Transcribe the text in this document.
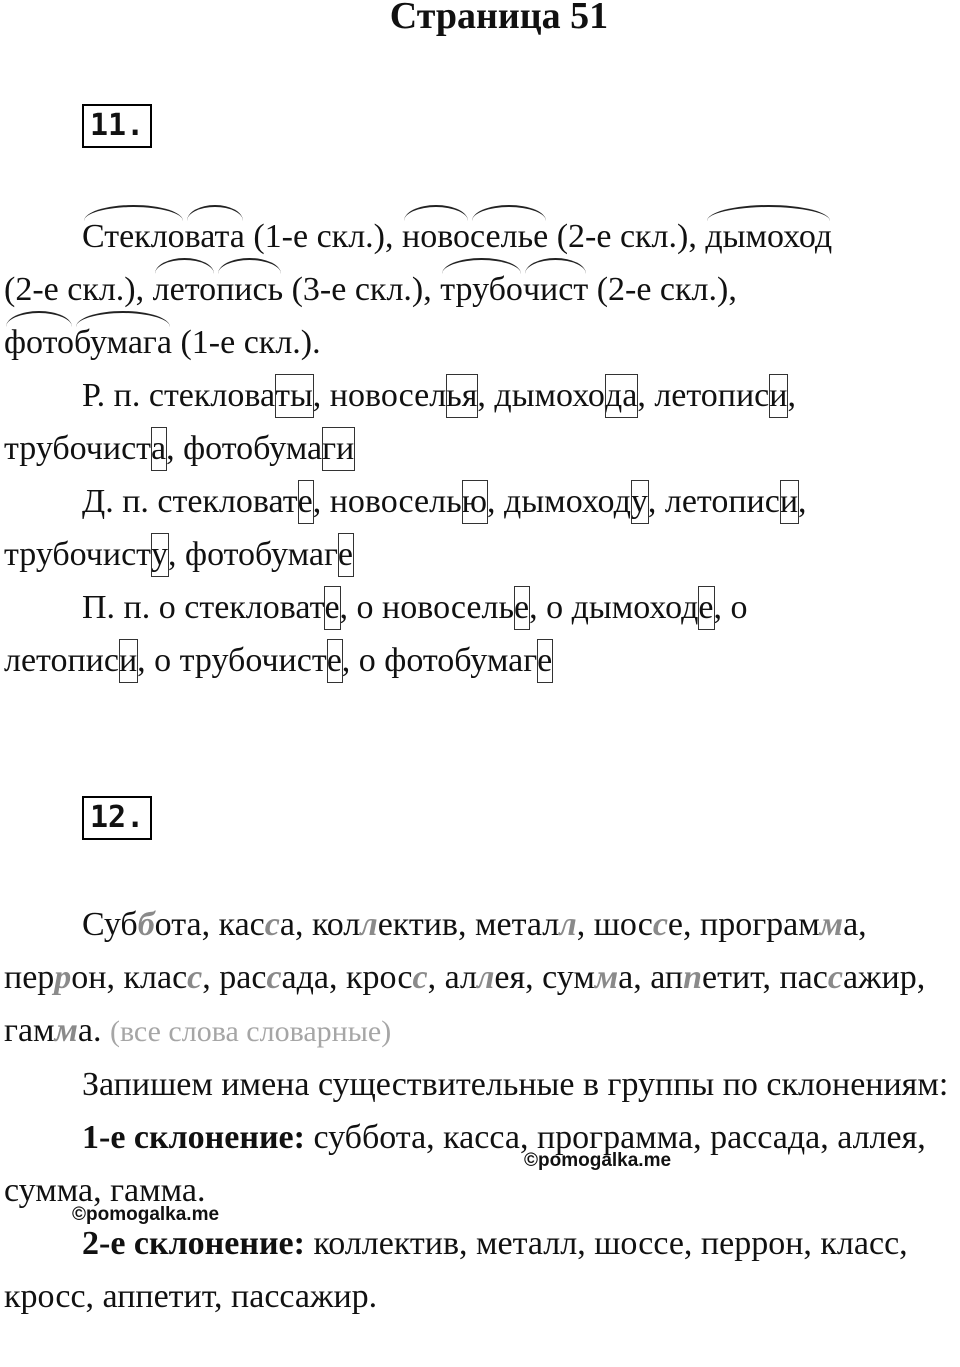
Страница 51
11.

Стекловата (1-е скл.), новоселье (2-е скл.), дымоход
(2-е скл.), летопись (3-е скл.), трубочист (2-е скл.),
фотобумага (1-е скл.).
Р. п. стекловаты, новоселья, дымохода, летописи,
трубочиста, фотобумаги
Д. п. стекловате, новоселью, дымоходу, летописи,
трубочисту, фотобумаге
П. п. о стекловате, о новоселье, о дымоходе, о
летописи, о трубочисте, о фотобумаге

12.

Суббота, касса, коллектив, металл, шоссе, программа, перрон, класс, рассада, кросс, аллея, сумма, аппетит, пассажир, гамма. (все слова словарные)
Запишем имена существительные в группы по склонениям:
1-е склонение: суббота, касса, программа, рассада, аллея, сумма, гамма.
2-е склонение: коллектив, металл, шоссе, перрон, класс, кросс, аппетит, пассажир.

©pomogalka.me
©pomogalka.me
